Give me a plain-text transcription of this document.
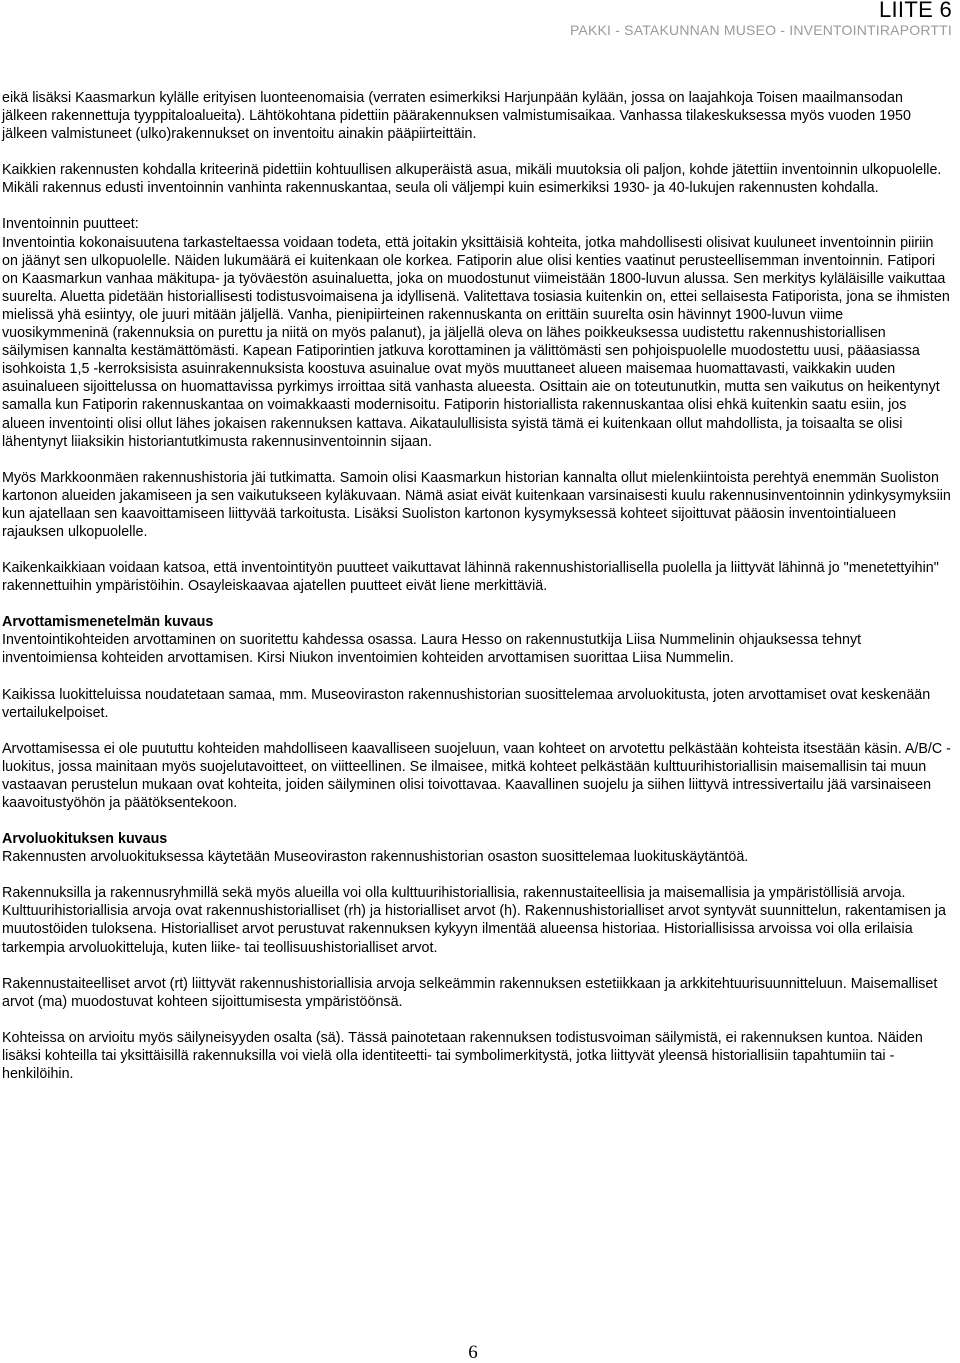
LIITE 6
PAKKI - SATAKUNNAN MUSEO - INVENTOINTIRAPORTTI

eikä lisäksi Kaasmarkun kylälle erityisen luonteenomaisia (verraten esimerkiksi Harjunpään kylään, jossa on laajahkoja Toisen maailmansodan jälkeen rakennettuja tyyppitaloalueita). Lähtökohtana pidettiin päärakennuksen valmistumisaikaa. Vanhassa tilakeskuksessa myös vuoden 1950 jälkeen valmistuneet (ulko)rakennukset on inventoitu ainakin pääpiirteittäin.

Kaikkien rakennusten kohdalla kriteerinä pidettiin kohtuullisen alkuperäistä asua, mikäli muutoksia oli paljon, kohde jätettiin inventoinnin ulkopuolelle. Mikäli rakennus edusti inventoinnin vanhinta rakennuskantaa, seula oli väljempi kuin esimerkiksi 1930- ja 40-lukujen rakennusten kohdalla.

Inventoinnin puutteet:

Inventointia kokonaisuutena tarkasteltaessa voidaan todeta, että joitakin yksittäisiä kohteita, jotka mahdollisesti olisivat kuuluneet inventoinnin piiriin on jäänyt sen ulkopuolelle. Näiden lukumäärä ei kuitenkaan ole korkea. Fatiporin alue olisi kenties vaatinut perusteellisemman inventoinnin. Fatipori on Kaasmarkun vanhaa mäkitupa- ja työväestön asuinaluetta, joka on muodostunut viimeistään 1800-luvun alussa. Sen merkitys kyläläisille vaikuttaa suurelta. Aluetta pidetään historiallisesti todistusvoimaisena ja idyllisenä. Valitettava tosiasia kuitenkin on, ettei sellaisesta Fatiporista, jona se ihmisten mielissä yhä esiintyy, ole juuri mitään jäljellä. Vanha, pienipiirteinen rakennuskanta on erittäin suurelta osin hävinnyt 1900-luvun viime vuosikymmeninä (rakennuksia on purettu ja niitä on myös palanut), ja jäljellä oleva on lähes poikkeuksessa uudistettu rakennushistoriallisen säilymisen kannalta kestämättömästi. Kapean Fatiporintien jatkuva korottaminen ja välittömästi sen pohjoispuolelle muodostettu uusi, pääasiassa isohkoista 1,5 -kerroksisista asuinrakennuksista koostuva asuinalue ovat myös muuttaneet alueen maisemaa huomattavasti, vaikkakin uuden asuinalueen sijoittelussa on huomattavissa pyrkimys irroittaa sitä vanhasta alueesta. Osittain aie on toteutunutkin, mutta sen vaikutus on heikentynyt samalla kun Fatiporin rakennuskantaa on voimakkaasti modernisoitu. Fatiporin historiallista rakennuskantaa olisi ehkä kuitenkin saatu esiin, jos alueen inventointi olisi ollut lähes jokaisen rakennuksen kattava. Aikataulullisista syistä tämä ei kuitenkaan ollut mahdollista, ja toisaalta se olisi lähentynyt liiaksikin historiantutkimusta rakennusinventoinnin sijaan.

Myös Markkoonmäen rakennushistoria jäi tutkimatta. Samoin olisi Kaasmarkun historian kannalta ollut mielenkiintoista perehtyä enemmän Suoliston kartonon alueiden jakamiseen ja sen vaikutukseen kyläkuvaan. Nämä asiat eivät kuitenkaan varsinaisesti kuulu rakennusinventoinnin ydinkysymyksiin kun ajatellaan sen kaavoittamiseen liittyvää tarkoitusta. Lisäksi Suoliston kartonon kysymyksessä kohteet sijoittuvat pääosin inventointialueen rajauksen ulkopuolelle.

Kaikenkaikkiaan voidaan katsoa, että inventointityön puutteet vaikuttavat lähinnä rakennushistoriallisella puolella ja liittyvät lähinnä jo "menetettyihin" rakennettuihin ympäristöihin. Osayleiskaavaa ajatellen puutteet eivät liene merkittäviä.

Arvottamismenetelmän kuvaus

Inventointikohteiden arvottaminen on suoritettu kahdessa osassa. Laura Hesso on rakennustutkija Liisa Nummelinin ohjauksessa tehnyt inventoimiensa kohteiden arvottamisen. Kirsi Niukon inventoimien kohteiden arvottamisen suorittaa Liisa Nummelin.

Kaikissa luokitteluissa noudatetaan samaa, mm. Museoviraston rakennushistorian suosittelemaa arvoluokitusta, joten arvottamiset ovat keskenään vertailukelpoiset.

Arvottamisessa ei ole puututtu kohteiden mahdolliseen kaavalliseen suojeluun, vaan kohteet on arvotettu pelkästään kohteista itsestään käsin. A/B/C -luokitus, jossa mainitaan myös suojelutavoitteet, on viitteellinen. Se ilmaisee, mitkä kohteet pelkästään kulttuurihistoriallisin maisemallisin tai muun vastaavan perustelun mukaan ovat kohteita, joiden säilyminen olisi toivottavaa. Kaavallinen suojelu ja siihen liittyvä intressivertailu jää varsinaiseen kaavoitustyöhön ja päätöksentekoon.

Arvoluokituksen kuvaus

Rakennusten arvoluokituksessa käytetään Museoviraston rakennushistorian osaston suosittelemaa luokituskäytäntöä.

Rakennuksilla ja rakennusryhmillä sekä myös alueilla voi olla kulttuurihistoriallisia, rakennustaiteellisia ja maisemallisia ja ympäristöllisiä arvoja. Kulttuurihistoriallisia arvoja ovat rakennushistorialliset (rh) ja historialliset arvot (h). Rakennushistorialliset arvot syntyvät suunnittelun, rakentamisen ja muutostöiden tuloksena. Historialliset arvot perustuvat rakennuksen kykyyn ilmentää alueensa historiaa. Historiallisissa arvoissa voi olla erilaisia tarkempia arvoluokitteluja, kuten liike- tai teollisuushistorialliset arvot.

Rakennustaiteelliset arvot (rt) liittyvät rakennushistoriallisia arvoja selkeämmin rakennuksen estetiikkaan ja arkkitehtuurisuunnitteluun. Maisemalliset arvot (ma) muodostuvat kohteen sijoittumisesta ympäristöönsä.

Kohteissa on arvioitu myös säilyneisyyden osalta (sä). Tässä painotetaan rakennuksen todistusvoiman säilymistä, ei rakennuksen kuntoa. Näiden lisäksi kohteilla tai yksittäisillä rakennuksilla voi vielä olla identiteetti- tai symbolimerkitystä, jotka liittyvät yleensä historiallisiin tapahtumiin tai -henkilöihin.

6
